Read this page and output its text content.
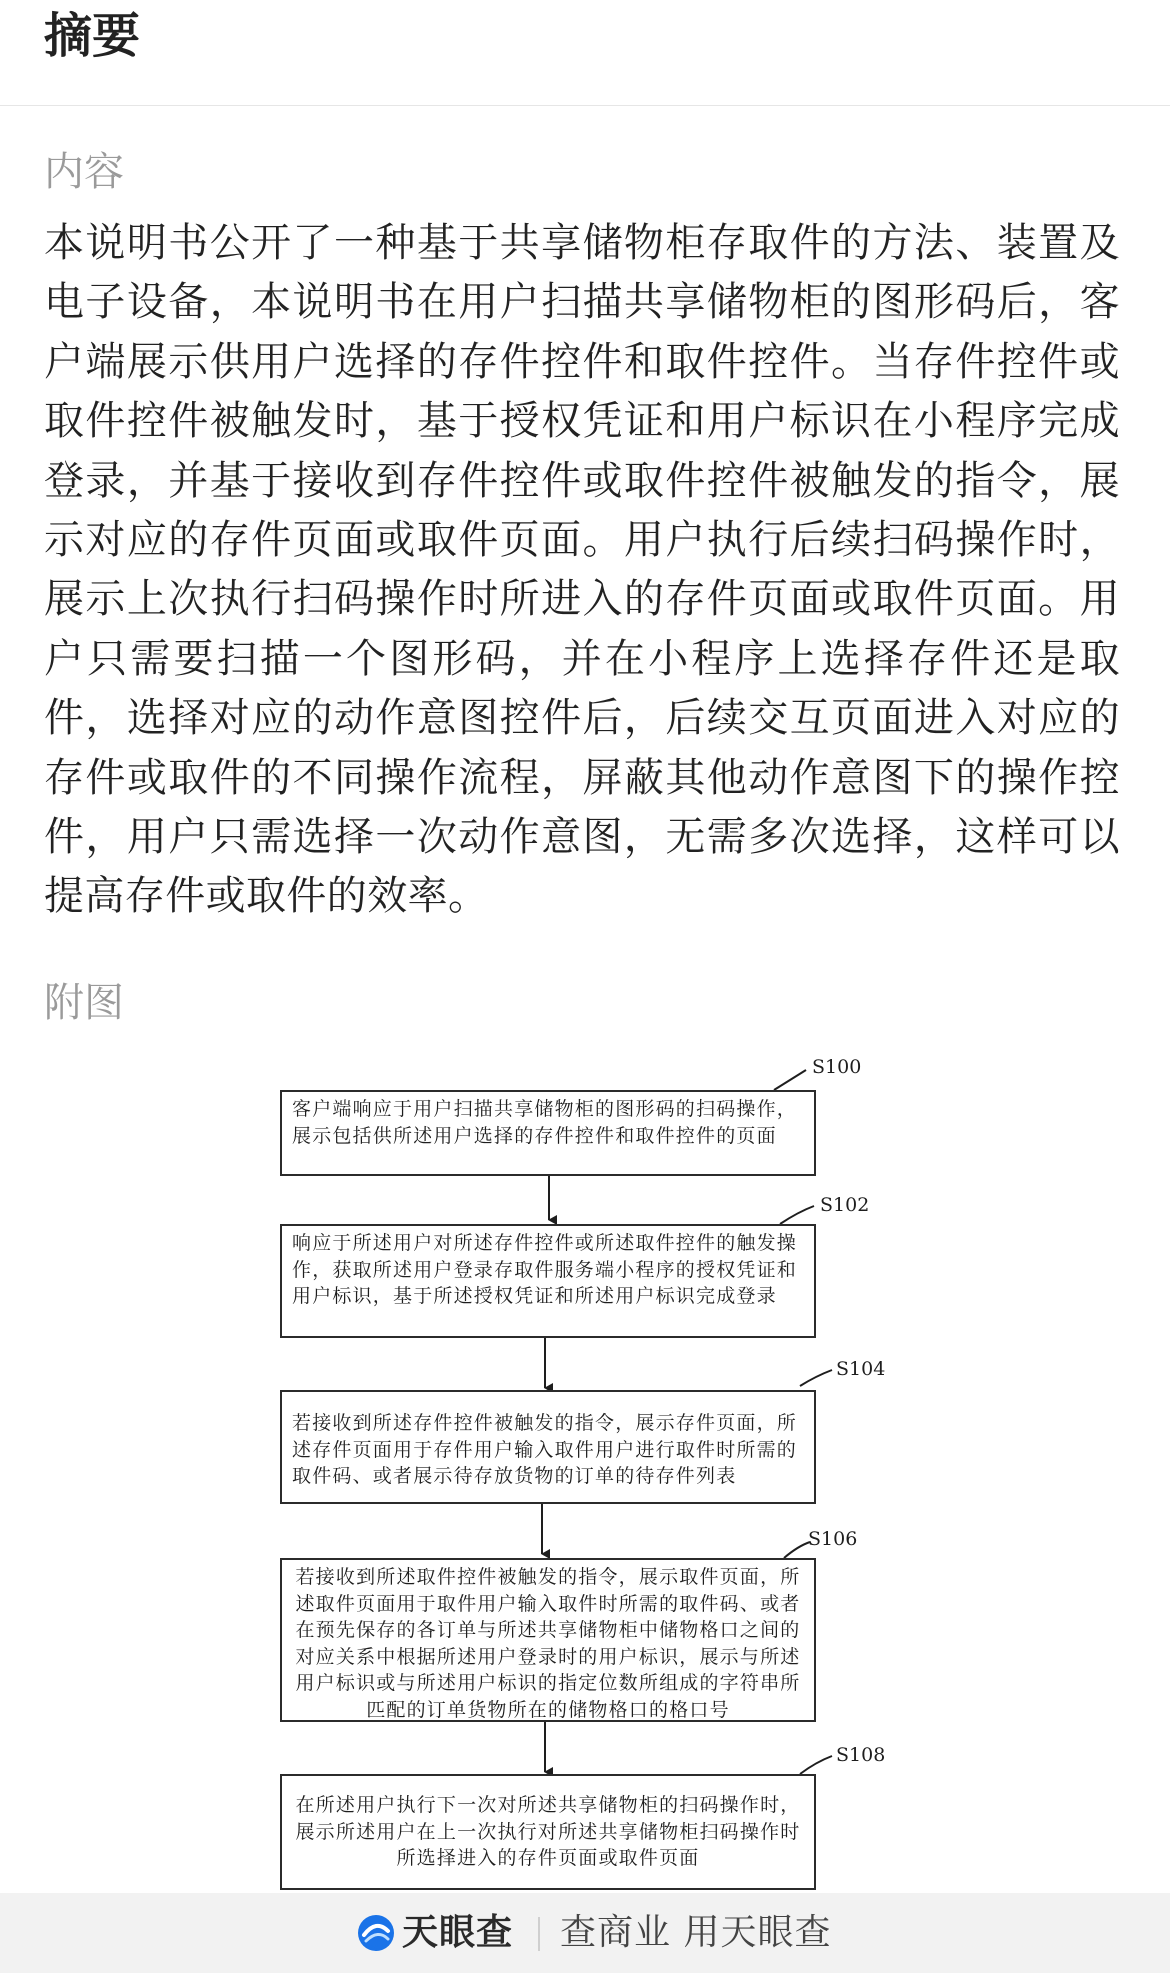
摘要
内容
本说明书公开了一种基于共享储物柜存取件的方法、装置及电子设备，本说明书在用户扫描共享储物柜的图形码后，客户端展示供用户选择的存件控件和取件控件。当存件控件或取件控件被触发时，基于授权凭证和用户标识在小程序完成登录，并基于接收到存件控件或取件控件被触发的指令，展示对应的存件页面或取件页面。用户执行后续扫码操作时，展示上次执行扫码操作时所进入的存件页面或取件页面。用户只需要扫描一个图形码，并在小程序上选择存件还是取件，选择对应的动作意图控件后，后续交互页面进入对应的存件或取件的不同操作流程，屏蔽其他动作意图下的操作控件，用户只需选择一次动作意图，无需多次选择，这样可以提高存件或取件的效率。
附图
S100
客户端响应于用户扫描共享储物柜的图形码的扫码操作，展示包括供所述用户选择的存件控件和取件控件的页面
S102
响应于所述用户对所述存件控件或所述取件控件的触发操作，获取所述用户登录存取件服务端小程序的授权凭证和用户标识，基于所述授权凭证和所述用户标识完成登录
S104
若接收到所述存件控件被触发的指令，展示存件页面，所述存件页面用于存件用户输入取件用户进行取件时所需的取件码、或者展示待存放货物的订单的待存件列表
S106
若接收到所述取件控件被触发的指令，展示取件页面，所述取件页面用于取件用户输入取件时所需的取件码、或者在预先保存的各订单与所述共享储物柜中储物格口之间的对应关系中根据所述用户登录时的用户标识，展示与所述用户标识或与所述用户标识的指定位数所组成的字符串所匹配的订单货物所在的储物格口的格口号
S108
在所述用户执行下一次对所述共享储物柜的扫码操作时，展示所述用户在上一次执行对所述共享储物柜扫码操作时所选择进入的存件页面或取件页面
天眼查 查商业 用天眼查
